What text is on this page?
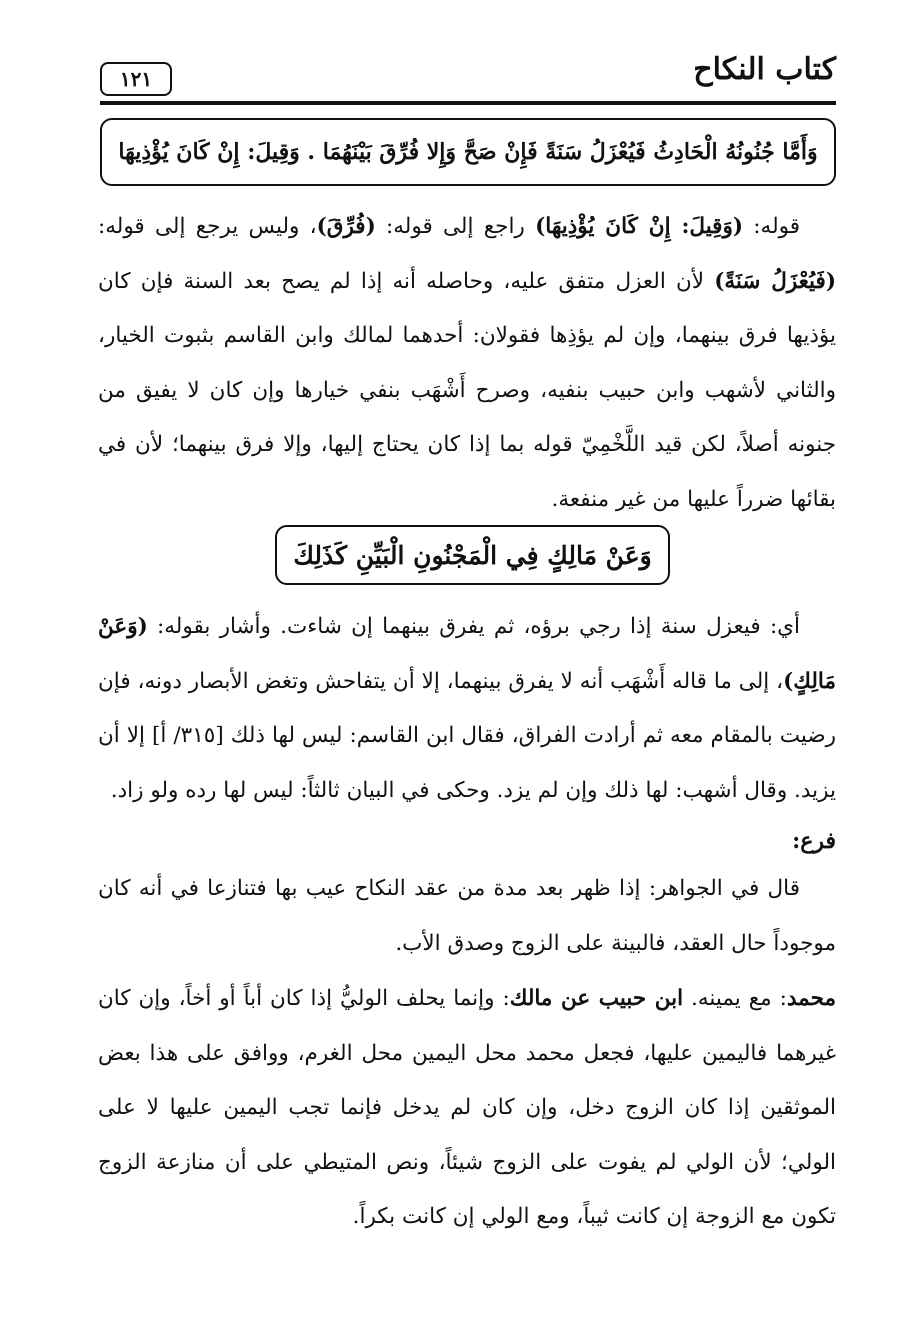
كتاب النكاح
١٢١
وَأَمَّا جُنُونُهُ الْحَادِثُ فَيُعْزَلُ سَنَةً فَإِنْ صَحَّ وَإِلا فُرِّقَ بَيْنَهُمَا . وَقِيلَ: إِنْ كَانَ يُؤْذِيهَا

قوله: (وَقِيلَ: إِنْ كَانَ يُؤْذِيهَا) راجع إلى قوله: (فُرِّقَ)، وليس يرجع إلى قوله: (فَيُعْزَلُ سَنَةً) لأن العزل متفق عليه، وحاصله أنه إذا لم يصح بعد السنة فإن كان يؤذيها فرق بينهما، وإن لم يؤذِها فقولان: أحدهما لمالك وابن القاسم بثبوت الخيار، والثاني لأشهب وابن حبيب بنفيه، وصرح أَشْهَب بنفي خيارها وإن كان لا يفيق من جنونه أصلاً، لكن قيد اللَّخْمِيّ قوله بما إذا كان يحتاج إليها، وإلا فرق بينهما؛ لأن في بقائها ضرراً عليها من غير منفعة.

وَعَنْ مَالِكٍ فِي الْمَجْنُونِ الْبَيِّنِ كَذَلِكَ

أي: فيعزل سنة إذا رجي برؤه، ثم يفرق بينهما إن شاءت. وأشار بقوله: (وَعَنْ مَالِكٍ)، إلى ما قاله أَشْهَب أنه لا يفرق بينهما، إلا أن يتفاحش وتغض الأبصار دونه، فإن رضيت بالمقام معه ثم أرادت الفراق، فقال ابن القاسم: ليس لها ذلك [٣١٥/ أ] إلا أن يزيد. وقال أشهب: لها ذلك وإن لم يزد. وحكى في البيان ثالثاً: ليس لها رده ولو زاد.

فرع:

قال في الجواهر: إذا ظهر بعد مدة من عقد النكاح عيب بها فتنازعا في أنه كان موجوداً حال العقد، فالبينة على الزوج وصدق الأب.

محمد: مع يمينه. ابن حبيب عن مالك: وإنما يحلف الوليُّ إذا كان أباً أو أخاً، وإن كان غيرهما فاليمين عليها، فجعل محمد محل اليمين محل الغرم، ووافق على هذا بعض الموثقين إذا كان الزوج دخل، وإن كان لم يدخل فإنما تجب اليمين عليها لا على الولي؛ لأن الولي لم يفوت على الزوج شيئاً، ونص المتيطي على أن منازعة الزوج تكون مع الزوجة إن كانت ثيباً، ومع الولي إن كانت بكراً.
